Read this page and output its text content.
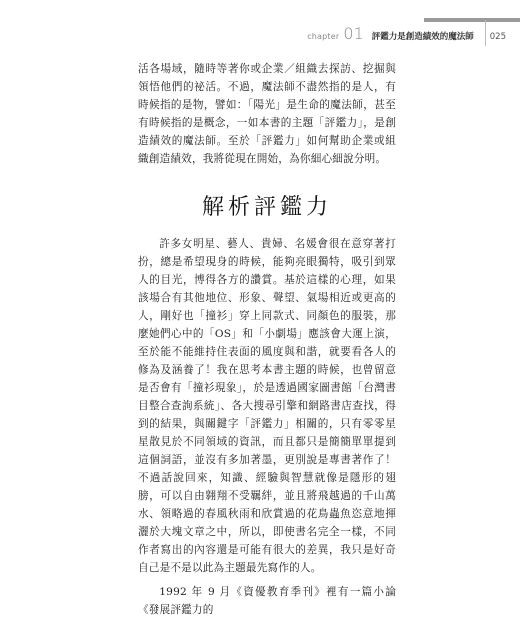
chapter 01 評鑑力是創造績效的魔法師 025

活各場域，隨時等著你或企業／組織去探訪、挖掘與領悟他們的祕活。不過，魔法師不盡然指的是人，有時候指的是物，譬如：「陽光」是生命的魔法師，甚至有時候指的是概念，一如本書的主題「評鑑力」，是創造績效的魔法師。至於「評鑑力」如何幫助企業或組織創造績效，我將從現在開始，為你細心細說分明。

解析評鑑力

許多女明星、藝人、貴婦、名媛會很在意穿著打扮，總是希望現身的時候，能夠亮眼獨特，吸引到眾人的目光，博得各方的讚賞。基於這樣的心理，如果該場合有其他地位、形象、聲望、氣場相近或更高的人，剛好也「撞衫」穿上同款式、同顏色的服裝，那麼她們心中的「OS」和「小劇場」應該會大運上演，至於能不能維持住表面的風度與和諧，就要看各人的修為及涵養了！我在思考本書主題的時候，也曾留意是否會有「撞衫現象」，於是透過國家圖書館「台灣書目整合查詢系統」、各大搜尋引擎和網路書店查找，得到的結果，與關鍵字「評鑑力」相關的，只有零零星星散見於不同領域的資訊，而且都只是簡簡單單提到這個詞語，並沒有多加著墨，更別說是專書著作了！不過話說回來，知識、經驗與智慧就像是隱形的翅膀，可以自由翱翔不受羈絆，並且將飛越過的千山萬水、領略過的春風秋雨和欣賞過的花鳥蟲魚恣意地揮灑於大塊文章之中，所以，即使書名完全一樣，不同作者寫出的內容還是可能有很大的差異，我只是好奇自己是不是以此為主題最先寫作的人。

1992 年 9 月《資優教育季刊》裡有一篇小論《發展評鑑力的
